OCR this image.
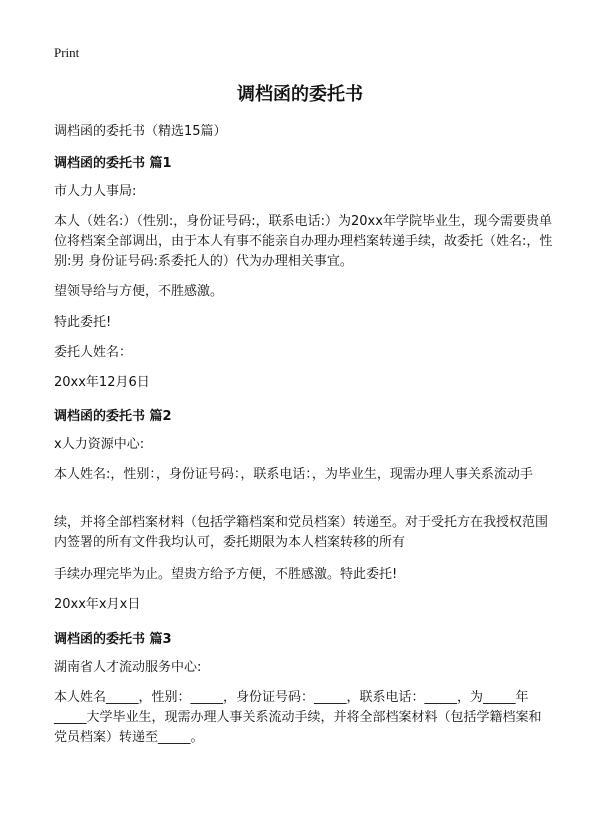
Print
调档函的委托书
调档函的委托书（精选15篇）
调档函的委托书 篇1
市人力人事局:

本人（姓名:）（性别:，身份证号码:，联系电话:）为20xx年学院毕业生，现今需要贵单位将档案全部调出，由于本人有事不能亲自办理办理档案转递手续，故委托（姓名:，性别:男 身份证号码:系委托人的）代为办理相关事宜。

望领导给与方便，不胜感激。
特此委托!
委托人姓名：
20xx年12月6日
调档函的委托书 篇2
x人力资源中心:

本人姓名:，性别：，身份证号码：，联系电话：，为毕业生，现需办理人事关系流动手

续，并将全部档案材料（包括学籍档案和党员档案）转递至。对于受托方在我授权范围内签署的所有文件我均认可，委托期限为本人档案转移的所有

手续办理完毕为止。望贵方给予方便，不胜感激。特此委托!
20xx年x月x日
调档函的委托书 篇3
湖南省人才流动服务中心:

本人姓名_____，性别：_____，身份证号码：_____，联系电话：_____，为_____年_____大学毕业生，现需办理人事关系流动手续，并将全部档案材料（包括学籍档案和党员档案）转递至_____。
